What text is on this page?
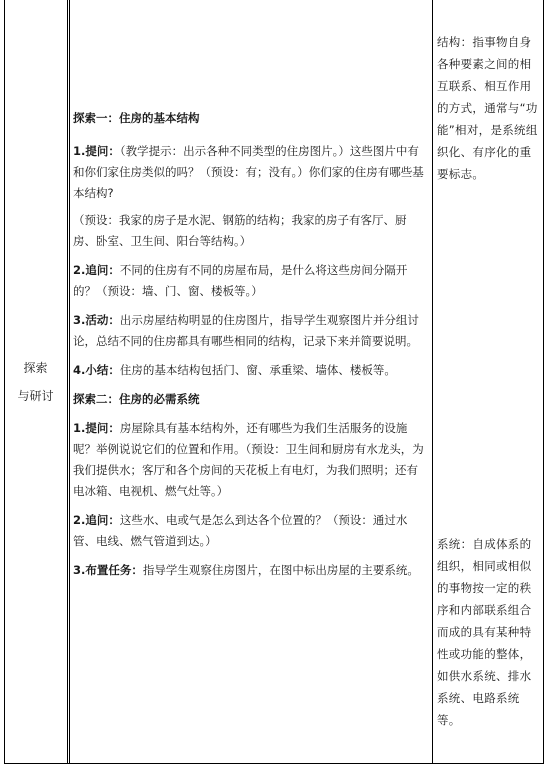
探索
与研讨

探索一：住房的基本结构

1.提问：（教学提示：出示各种不同类型的住房图片。）这些图片中有和你们家住房类似的吗？（预设：有；没有。）你们家的住房有哪些基本结构?

（预设：我家的房子是水泥、钢筋的结构；我家的房子有客厅、厨房、卧室、卫生间、阳台等结构。）

2.追问：不同的住房有不同的房屋布局，是什么将这些房间分隔开的？（预设：墙、门、窗、楼板等。）

3.活动：出示房屋结构明显的住房图片，指导学生观察图片并分组讨论，总结不同的住房都具有哪些相同的结构，记录下来并简要说明。

4.小结：住房的基本结构包括门、窗、承重梁、墙体、楼板等。

探索二：住房的必需系统

1.提问：房屋除具有基本结构外，还有哪些为我们生活服务的设施呢？举例说说它们的位置和作用。（预设：卫生间和厨房有水龙头，为我们提供水；客厅和各个房间的天花板上有电灯，为我们照明；还有电冰箱、电视机、燃气灶等。）

2.追问：这些水、电或气是怎么到达各个位置的？（预设：通过水管、电线、燃气管道到达。）

3.布置任务：指导学生观察住房图片，在图中标出房屋的主要系统。

结构：指事物自身各种要素之间的相互联系、相互作用的方式，通常与“功能”相对，是系统组织化、有序化的重要标志。
系统：自成体系的组织，相同或相似的事物按一定的秩序和内部联系组合而成的具有某种特性或功能的整体，如供水系统、排水系统、电路系统等。
